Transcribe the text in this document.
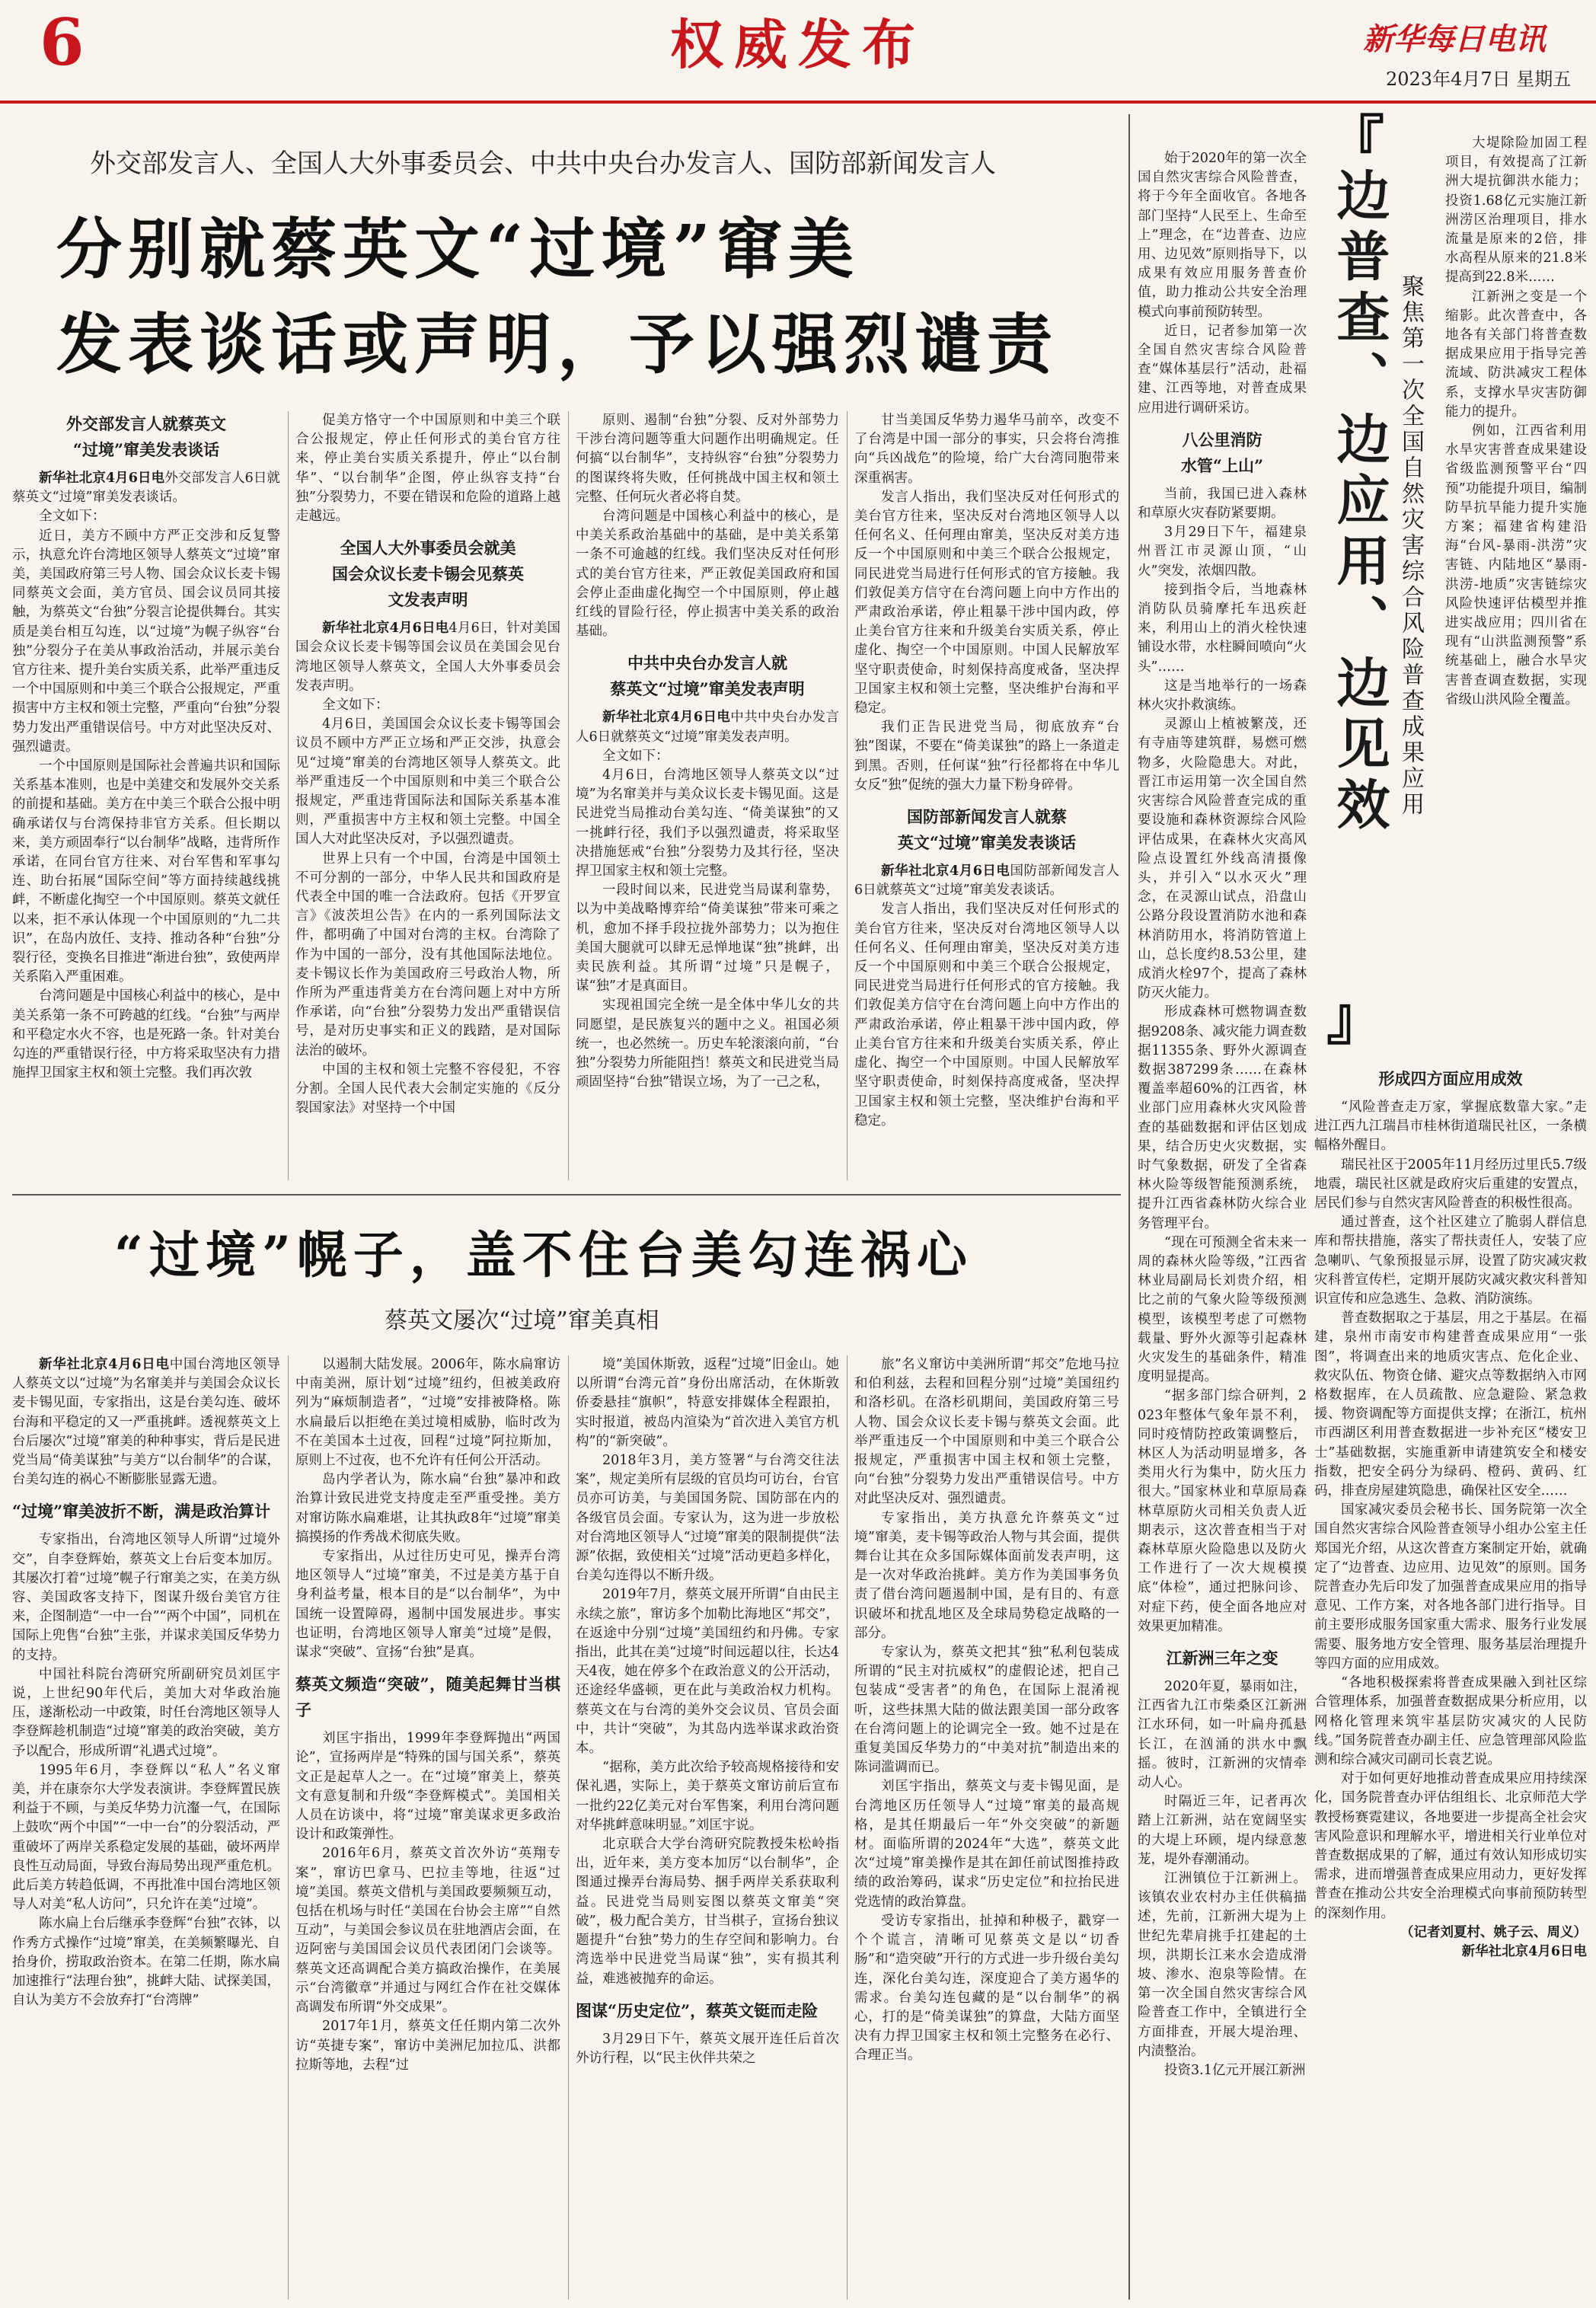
6	权威发布	新华每日电讯
2023年4月7日 星期五
外交部发言人、全国人大外事委员会、中共中央台办发言人、国防部新闻发言人
分别就蔡英文“过境”窜美
发表谈话或声明，予以强烈谴责
外交部发言人就蔡英文
“过境”窜美发表谈话

新华社北京4月6日电外交部发言人6日就蔡英文“过境”窜美发表谈话。

全文如下：

近日，美方不顾中方严正交涉和反复警示，执意允许台湾地区领导人蔡英文“过境”窜美，美国政府第三号人物、国会众议长麦卡锡同蔡英文会面，美方官员、国会议员同其接触，为蔡英文“台独”分裂言论提供舞台。其实质是美台相互勾连，以“过境”为幌子纵容“台独”分裂分子在美从事政治活动，并展示美台官方往来、提升美台实质关系，此举严重违反一个中国原则和中美三个联合公报规定，严重损害中方主权和领土完整，严重向“台独”分裂势力发出严重错误信号。中方对此坚决反对、强烈谴责。

一个中国原则是国际社会普遍共识和国际关系基本准则，也是中美建交和发展外交关系的前提和基础。美方在中美三个联合公报中明确承诺仅与台湾保持非官方关系。但长期以来，美方顽固奉行“以台制华”战略，违背所作承诺，在同台官方往来、对台军售和军事勾连、助台拓展“国际空间”等方面持续越线挑衅，不断虚化掏空一个中国原则。蔡英文就任以来，拒不承认体现一个中国原则的“九二共识”，在岛内放任、支持、推动各种“台独”分裂行径，变换名目推进“渐进台独”，致使两岸关系陷入严重困难。

台湾问题是中国核心利益中的核心，是中美关系第一条不可跨越的红线。“台独”与两岸和平稳定水火不容，也是死路一条。针对美台勾连的严重错误行径，中方将采取坚决有力措施捍卫国家主权和领土完整。我们再次敦

促美方恪守一个中国原则和中美三个联合公报规定，停止任何形式的美台官方往来，停止美台实质关系提升，停止“以台制华”、“以台制华”企图，停止纵容支持“台独”分裂势力，不要在错误和危险的道路上越走越远。

全国人大外事委员会就美
国会众议长麦卡锡会见蔡英
文发表声明

新华社北京4月6日电4月6日，针对美国国会众议长麦卡锡等国会议员在美国会见台湾地区领导人蔡英文，全国人大外事委员会发表声明。

全文如下：

4月6日，美国国会众议长麦卡锡等国会议员不顾中方严正立场和严正交涉，执意会见“过境”窜美的台湾地区领导人蔡英文。此举严重违反一个中国原则和中美三个联合公报规定，严重违背国际法和国际关系基本准则，严重损害中方主权和领土完整。中国全国人大对此坚决反对，予以强烈谴责。

世界上只有一个中国，台湾是中国领土不可分割的一部分，中华人民共和国政府是代表全中国的唯一合法政府。包括《开罗宣言》《波茨坦公告》在内的一系列国际法文件，都明确了中国对台湾的主权。台湾除了作为中国的一部分，没有其他国际法地位。麦卡锡议长作为美国政府三号政治人物，所作所为严重违背美方在台湾问题上对中方所作承诺，向“台独”分裂势力发出严重错误信号，是对历史事实和正义的践踏，是对国际法治的破坏。

中国的主权和领土完整不容侵犯，不容分割。全国人民代表大会制定实施的《反分裂国家法》对坚持一个中国

原则、遏制“台独”分裂、反对外部势力干涉台湾问题等重大问题作出明确规定。任何搞“以台制华”，支持纵容“台独”分裂势力的图谋终将失败，任何挑战中国主权和领土完整、任何玩火者必将自焚。

台湾问题是中国核心利益中的核心，是中美关系政治基础中的基础，是中美关系第一条不可逾越的红线。我们坚决反对任何形式的美台官方往来，严正敦促美国政府和国会停止歪曲虚化掏空一个中国原则，停止越红线的冒险行径，停止损害中美关系的政治基础。

中共中央台办发言人就
蔡英文“过境”窜美发表声明

新华社北京4月6日电中共中央台办发言人6日就蔡英文“过境”窜美发表声明。

全文如下：

4月6日，台湾地区领导人蔡英文以“过境”为名窜美并与美众议长麦卡锡见面。这是民进党当局推动台美勾连、“倚美谋独”的又一挑衅行径，我们予以强烈谴责，将采取坚决措施惩戒“台独”分裂势力及其行径，坚决捍卫国家主权和领土完整。

一段时间以来，民进党当局谋利靠势，以为中美战略博弈给“倚美谋独”带来可乘之机，愈加不择手段拉拢外部势力；以为抱住美国大腿就可以肆无忌惮地谋“独”挑衅，出卖民族利益。其所谓“过境”只是幌子，谋“独”才是真面目。

实现祖国完全统一是全体中华儿女的共同愿望，是民族复兴的题中之义。祖国必须统一，也必然统一。历史车轮滚滚向前，“台独”分裂势力所能阻挡！蔡英文和民进党当局顽固坚持“台独”错误立场，为了一己之私，

甘当美国反华势力遏华马前卒，改变不了台湾是中国一部分的事实，只会将台湾推向“兵凶战危”的险境，给广大台湾同胞带来深重祸害。

发言人指出，我们坚决反对任何形式的美台官方往来，坚决反对台湾地区领导人以任何名义、任何理由窜美，坚决反对美方违反一个中国原则和中美三个联合公报规定，同民进党当局进行任何形式的官方接触。我们敦促美方信守在台湾问题上向中方作出的严肃政治承诺，停止粗暴干涉中国内政，停止美台官方往来和升级美台实质关系，停止虚化、掏空一个中国原则。中国人民解放军坚守职责使命，时刻保持高度戒备，坚决捍卫国家主权和领土完整，坚决维护台海和平稳定。

我们正告民进党当局，彻底放弃“台独”图谋，不要在“倚美谋独”的路上一条道走到黑。否则，任何谋“独”行径都将在中华儿女反“独”促统的强大力量下粉身碎骨。

国防部新闻发言人就蔡
英文“过境”窜美发表谈话

新华社北京4月6日电国防部新闻发言人6日就蔡英文“过境”窜美发表谈话。

发言人指出，我们坚决反对任何形式的美台官方往来，坚决反对台湾地区领导人以任何名义、任何理由窜美，坚决反对美方违反一个中国原则和中美三个联合公报规定，同民进党当局进行任何形式的官方接触。我们敦促美方信守在台湾问题上向中方作出的严肃政治承诺，停止粗暴干涉中国内政，停止美台官方往来和升级美台实质关系，停止虚化、掏空一个中国原则。中国人民解放军坚守职责使命，时刻保持高度戒备，坚决捍卫国家主权和领土完整，坚决维护台海和平稳定。

“过境”幌子，盖不住台美勾连祸心
蔡英文屡次“过境”窜美真相

新华社北京4月6日电中国台湾地区领导人蔡英文以“过境”为名窜美并与美国会众议长麦卡锡见面，专家指出，这是台美勾连、破坏台海和平稳定的又一严重挑衅。透视蔡英文上台后屡次“过境”窜美的种种事实，背后是民进党当局“倚美谋独”与美方“以台制华”的合谋，台美勾连的祸心不断膨胀显露无遗。

“过境”窜美波折不断，满是政治算计

专家指出，台湾地区领导人所谓“过境外交”，自李登辉始，蔡英文上台后变本加厉。其屡次打着“过境”幌子行窜美之实，在美方纵容、美国政客支持下，图谋升级台美官方往来，企图制造“一中一台”“两个中国”，同机在国际上兜售“台独”主张，并谋求美国反华势力的支持。

中国社科院台湾研究所副研究员刘匡宇说，上世纪90年代后，美加大对华政治施压，遂渐松动一中政策，时任台湾地区领导人李登辉趁机制造“过境”窜美的政治突破，美方予以配合，形成所谓“礼遇式过境”。

1995年6月，李登辉以“私人”名义窜美，并在康奈尔大学发表演讲。李登辉置民族利益于不顾，与美反华势力沆瀣一气，在国际上鼓吹“两个中国”“一中一台”的分裂活动，严重破坏了两岸关系稳定发展的基础，破坏两岸良性互动局面，导致台海局势出现严重危机。此后美方转趋低调，不再批准中国台湾地区领导人对美“私人访问”，只允许在美“过境”。

陈水扁上台后继承李登辉“台独”衣钵，以作秀方式操作“过境”窜美，在美频繁曝光、自抬身价，捞取政治资本。在第二任期，陈水扁加速推行“法理台独”，挑衅大陆、试探美国，自认为美方不会放弃打“台湾牌”

以遏制大陆发展。2006年，陈水扁窜访中南美洲，原计划“过境”纽约，但被美政府列为“麻烦制造者”，“过境”安排被降格。陈水扁最后以拒绝在美过境相威胁，临时改为不在美国本土过夜，回程“过境”阿拉斯加，原则上不过夜，也不允许有任何公开活动。

岛内学者认为，陈水扁“台独”暴冲和政治算计致民进党支持度走至严重受挫。美方对窜访陈水扁难堪，让其执政8年“过境”窜美搞摸扬的作秀战术彻底失败。

专家指出，从过往历史可见，操弄台湾地区领导人“过境”窜美，不过是美方基于自身利益考量，根本目的是“以台制华”，为中国统一设置障碍，遏制中国发展进步。事实也证明，台湾地区领导人窜美“过境”是假，谋求“突破”、宣扬“台独”是真。

蔡英文频造“突破”，随美起舞甘当棋子

刘匡宇指出，1999年李登辉抛出“两国论”，宣扬两岸是“特殊的国与国关系”，蔡英文正是起草人之一。在“过境”窜美上，蔡英文有意复制和升级“李登辉模式”。美国相关人员在访谈中，将“过境”窜美谋求更多政治设计和政策弹性。

2016年6月，蔡英文首次外访“英翔专案”，窜访巴拿马、巴拉圭等地，往返“过境”美国。蔡英文借机与美国政要频频互动，包括在机场与时任“美国在台协会主席”“自然互动”，与美国会参议员在驻地酒店会面，在迈阿密与美国国会议员代表团闭门会谈等。蔡英文还高调配合美方搞政治操作，在美展示“台湾徽章”并通过与网红合作在社交媒体高调发布所谓“外交成果”。

2017年1月，蔡英文任任期内第二次外访“英捷专案”，窜访中美洲尼加拉瓜、洪都拉斯等地，去程“过

境”美国休斯敦，返程“过境”旧金山。她以所谓“台湾元首”身份出席活动，在休斯敦侨委悬挂“旗帜”，特意安排媒体全程跟拍，实时报道，被岛内渲染为“首次进入美官方机构”的“新突破”。

2018年3月，美方签署“与台湾交往法案”，规定美所有层级的官员均可访台，台官员亦可访美，与美国国务院、国防部在内的各级官员会面。专家认为，这为进一步放松对台湾地区领导人“过境”窜美的限制提供“法源”依据，致使相关“过境”活动更趋多样化，台美勾连得以不断升级。

2019年7月，蔡英文展开所谓“自由民主永续之旅”，窜访多个加勒比海地区“邦交”，在返途中分别“过境”美国纽约和丹佛。专家指出，此其在美“过境”时间远超以往，长达4天4夜，她在停多个在政治意义的公开活动，还途经华盛顿，更在此与美政治权力机构。蔡英文在与台湾的美外交会议员、官员会面中，共计“突破”，为其岛内选举谋求政治资本。

“据称，美方此次给予较高规格接待和安保礼遇，实际上，美于蔡英文窜访前后宣布一批约22亿美元对台军售案，利用台湾问题对华挑衅意味明显。”刘匡宇说。

北京联合大学台湾研究院教授朱松岭指出，近年来，美方变本加厉“以台制华”，企图通过操弄台海局势、捆手两岸关系获取利益。民进党当局则妄图以蔡英文窜美“突破”，极力配合美方，甘当棋子，宣扬台独议题提升“台独”势力的生存空间和影响力。台湾选举中民进党当局谋“独”，实有损其利益，难逃被抛弃的命运。

图谋“历史定位”，蔡英文铤而走险

3月29日下午，蔡英文展开连任后首次外访行程，以“民主伙伴共荣之

旅”名义窜访中美洲所谓“邦交”危地马拉和伯利兹，去程和回程分别“过境”美国纽约和洛杉矶。在洛杉矶期间，美国政府第三号人物、国会众议长麦卡锡与蔡英文会面。此举严重违反一个中国原则和中美三个联合公报规定，严重损害中国主权和领土完整，向“台独”分裂势力发出严重错误信号。中方对此坚决反对、强烈谴责。

专家指出，美方执意允许蔡英文“过境”窜美，麦卡锡等政治人物与其会面，提供舞台让其在众多国际媒体面前发表声明，这是一次对华政治挑衅。美方作为美国事务负责了借台湾问题遏制中国，是有目的、有意识破坏和扰乱地区及全球局势稳定战略的一部分。

专家认为，蔡英文把其“独”私利包装成所谓的“民主对抗威权”的虚假论述，把自己包装成“受害者”的角色，在国际上混淆视听，这些抹黑大陆的做法跟美国一部分政客在台湾问题上的论调完全一致。她不过是在重复美国反华势力的“中美对抗”制造出来的陈词滥调而已。

刘匡宇指出，蔡英文与麦卡锡见面，是台湾地区历任领导人“过境”窜美的最高规格，是其任期最后一年“外交突破”的新题材。面临所谓的2024年“大选”，蔡英文此次“过境”窜美操作是其在卸任前试图推持政绩的政治筹码，谋求“历史定位”和拉抬民进党选情的政治算盘。

受访专家指出，扯掉和种极子，戳穿一个个谎言，清晰可见蔡英文是以“切香肠”和“造突破”开行的方式进一步升级台美勾连，深化台美勾连，深度迎合了美方遏华的需求。台美勾连包藏的是“以台制华”的祸心，打的是“倚美谋独”的算盘，大陆方面坚决有力捍卫国家主权和领土完整务在必行、合理正当。

始于2020年的第一次全国自然灾害综合风险普查，将于今年全面收官。各地各部门坚持“人民至上、生命至上”理念，在“边普查、边应用、边见效”原则指导下，以成果有效应用服务普查价值，助力推动公共安全治理模式向事前预防转型。

近日，记者参加第一次全国自然灾害综合风险普查“媒体基层行”活动，赴福建、江西等地，对普查成果应用进行调研采访。

八公里消防
水管“上山”

当前，我国已进入森林和草原火灾春防紧要期。

3月29日下午，福建泉州晋江市灵源山顶，“山火”突发，浓烟四散。

接到指令后，当地森林消防队员骑摩托车迅疾赶来，利用山上的消火栓快速铺设水带，水柱瞬间喷向“火头”……

这是当地举行的一场森林火灾扑救演练。

灵源山上植被繁茂，还有寺庙等建筑群，易燃可燃物多，火险隐患大。对此，晋江市运用第一次全国自然灾害综合风险普查完成的重要设施和森林资源综合风险评估成果，在森林火灾高风险点设置红外线高清摄像头，并引入“以水灭火”理念，在灵源山试点，沿盘山公路分段设置消防水池和森林消防用水，将消防管道上山，总长度约8.53公里，建成消火栓97个，提高了森林防灭火能力。

形成森林可燃物调查数据9208条、减灾能力调查数据11355条、野外火源调查数据387299条……在森林覆盖率超60%的江西省，林业部门应用森林火灾风险普查的基础数据和评估区划成果，结合历史火灾数据，实时气象数据，研发了全省森林火险等级智能预测系统，提升江西省森林防火综合业务管理平台。

“现在可预测全省未来一周的森林火险等级，”江西省林业局副局长刘贵介绍，相比之前的气象火险等级预测模型，该模型考虑了可燃物载量、野外火源等引起森林火灾发生的基础条件，精准度明显提高。

“据多部门综合研判，2023年整体气象年景不利，同时疫情防控政策调整后，林区人为活动明显增多，各类用火行为集中，防火压力很大。”国家林业和草原局森林草原防火司相关负责人近期表示，这次普查相当于对森林草原火险隐患以及防火工作进行了一次大规模摸底“体检”，通过把脉问诊、对症下药，使全面各地应对效果更加精准。

江新洲三年之变

2020年夏，暴雨如注，江西省九江市柴桑区江新洲江水环伺，如一叶扁舟孤悬长江，在汹涌的洪水中飘摇。彼时，江新洲的灾情牵动人心。

时隔近三年，记者再次踏上江新洲，站在宽阔坚实的大堤上环顾，堤内绿意葱茏，堤外春潮涌动。

江洲镇位于江新洲上。该镇农业农村办主任供稿描述，先前，江新洲大堤为上世纪先辈肩挑手扛建起的土坝，洪期长江来水会造成滑坡、渗水、泡泉等险情。在第一次全国自然灾害综合风险普查工作中，全镇进行全方面排查，开展大堤治理、内渍整治。

投资3.1亿元开展江新洲

『
边普查、边应用、边见效
』
聚焦第一次全国自然灾害综合风险普查成果应用

大堤除险加固工程项目，有效提高了江新洲大堤抗御洪水能力；投资1.68亿元实施江新洲涝区治理项目，排水流量是原来的2倍，排水高程从原来的21.8米提高到22.8米……

江新洲之变是一个缩影。此次普查中，各地各有关部门将普查数据成果应用于指导完善流域、防洪减灾工程体系，支撑水旱灾害防御能力的提升。

例如，江西省利用水旱灾害普查成果建设省级监测预警平台“四预”功能提升项目，编制防旱抗旱能力提升实施方案；福建省构建沿海“台风-暴雨-洪涝”灾害链、内陆地区“暴雨-洪涝-地质”灾害链综灾风险快速评估模型并推进实战应用；四川省在现有“山洪监测预警”系统基础上，融合水旱灾害普查调查数据，实现省级山洪风险全覆盖。

形成四方面应用成效

“风险普查走万家，掌握底数靠大家。”走进江西九江瑞昌市桂林街道瑞民社区，一条横幅格外醒目。

瑞民社区于2005年11月经历过里氏5.7级地震，瑞民社区就是政府灾后重建的安置点，居民们参与自然灾害风险普查的积极性很高。

通过普查，这个社区建立了脆弱人群信息库和帮扶措施，落实了帮扶责任人，安装了应急喇叭、气象预报显示屏，设置了防灾减灾救灾科普宣传栏，定期开展防灾减灾救灾科普知识宣传和应急逃生、急救、消防演练。

普查数据取之于基层，用之于基层。在福建，泉州市南安市构建普查成果应用“一张图”，将调查出来的地质灾害点、危化企业、救灾队伍、物资仓储、避灾点等数据纳入市网格数据库，在人员疏散、应急避险、紧急救援、物资调配等方面提供支撑；在浙江，杭州市西湖区利用普查数据进一步补充区“楼安卫士”基础数据，实施重新申请建筑安全和楼安指数，把安全码分为绿码、橙码、黄码、红码，排查房屋建筑隐患，确保社区安全……

国家减灾委员会秘书长、国务院第一次全国自然灾害综合风险普查领导小组办公室主任郑国光介绍，从这次普查方案制定开始，就确定了“边普查、边应用、边见效”的原则。国务院普查办先后印发了加强普查成果应用的指导意见、工作方案，对各地各部门进行指导。目前主要形成服务国家重大需求、服务行业发展需要、服务地方安全管理、服务基层治理提升等四方面的应用成效。

“各地积极探索将普查成果融入到社区综合管理体系，加强普查数据成果分析应用，以网格化管理来筑牢基层防灾减灾的人民防线。”国务院普查办副主任、应急管理部风险监测和综合减灾司副司长袁艺说。

对于如何更好地推动普查成果应用持续深化，国务院普查办评估组组长、北京师范大学教授杨赛霓建议，各地要进一步提高全社会灾害风险意识和理解水平，增进相关行业单位对普查数据成果的了解，通过有效认知形成切实需求，进而增强普查成果应用动力，更好发挥普查在推动公共安全治理模式向事前预防转型的深刻作用。

（记者刘夏村、姚子云、周义）

新华社北京4月6日电
